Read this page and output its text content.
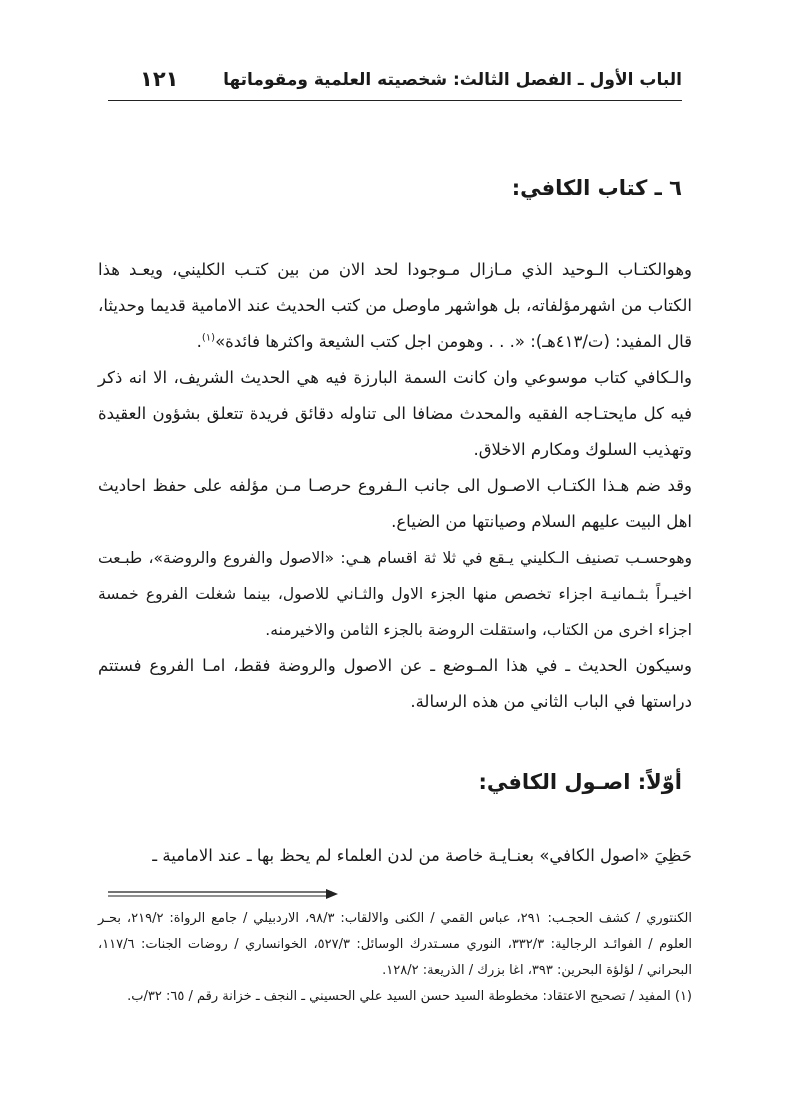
الباب الأول ـ الفصل الثالث: شخصيته العلمية ومقوماتها
١٢١
٦ ـ كتاب الكافي:
وهوالكتـاب الـوحيد الذي مـازال مـوجودا لحد الان من بين كتـب الكليني، ويعـد هذا الكتاب من اشهرمؤلفاته، بل هواشهر ماوصل من كتب الحديث عند الامامية قديما وحديثا، قال المفيد: (ت/٤١٣هـ): «. . . وهومن اجل كتب الشيعة واكثرها فائدة»$^{(١)}$.
والـكافي كتاب موسوعي وان كانت السمة البارزة فيه هي الحديث الشريف، الا انه ذكر فيه كل مايحتـاجه الفقيه والمحدث مضافا الى تناوله دقائق فريدة تتعلق بشؤون العقيدة وتهذيب السلوك ومكارم الاخلاق.
وقد ضم هـذا الكتـاب الاصـول الى جانب الـفروع حرصـا مـن مؤلفه على حفظ احاديث اهل البيت عليهم السلام وصيانتها من الضياع.
وهوحسـب تصنيف الـكليني يـقع في ثلا ثة اقسام هـي: «الاصول والفروع والروضة»، طبـعت اخيـراً بثـمانيـة اجزاء تخصص منها الجزء الاول والثـاني للاصول، بينما شغلت الفروع خمسة اجزاء اخرى من الكتاب، واستقلت الروضة بالجزء الثامن والاخيرمنه.
وسيكون الحديث ـ في هذا المـوضع ـ عن الاصول والروضة فقط، امـا الفروع فستتم دراستها في الباب الثاني من هذه الرسالة.
أوّلاً: اصـول الكافي:
حَظِيَ «اصول الكافي» بعنـايـة خاصة من لدن العلماء لم يحظ بها ـ عند الامامية ـ
الكنتوري / كشف الحجـب: ٢٩١، عباس القمي / الكنى والالقاب: ٩٨/٣، الاردبيلي / جامع الرواة: ٢١٩/٢، بحـر العلوم / الفوائـد الرجالية: ٣٣٢/٣، النوري مسـتدرك الوسائل: ٥٢٧/٣، الخوانساري / روضات الجنات: ١١٧/٦، البحراني / لؤلؤة البحرين: ٣٩٣، اغا بزرك / الذريعة: ١٢٨/٢.
(١) المفيد / تصحيح الاعتقاد: مخطوطة السيد حسن السيد علي الحسيني ـ النجف ـ خزانة رقم / ٦٥: ٣٢/ب.
